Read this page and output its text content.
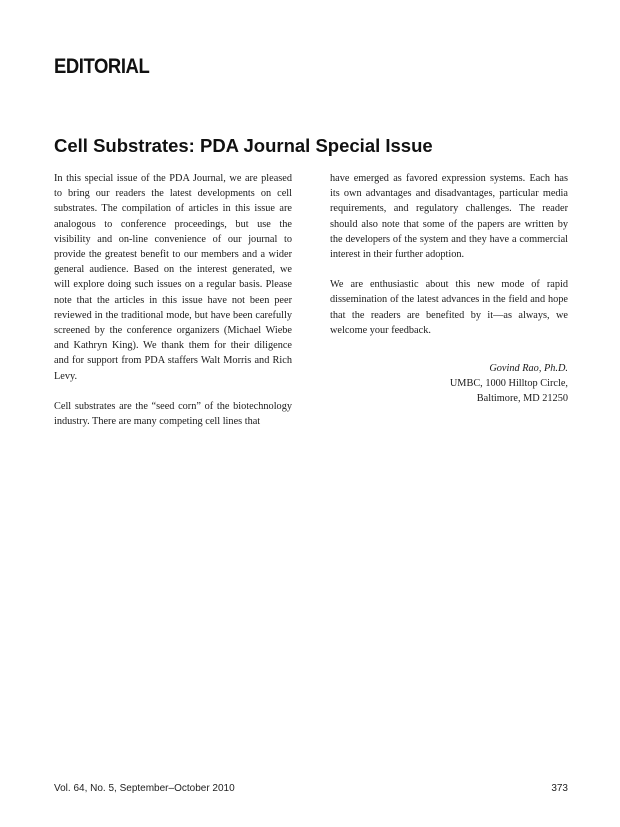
EDITORIAL
Cell Substrates: PDA Journal Special Issue

In this special issue of the PDA Journal, we are pleased to bring our readers the latest developments on cell substrates. The compilation of articles in this issue are analogous to conference proceedings, but use the visibility and on-line convenience of our journal to provide the greatest benefit to our members and a wider general audience. Based on the interest generated, we will explore doing such issues on a regular basis. Please note that the articles in this issue have not been peer reviewed in the traditional mode, but have been carefully screened by the conference organizers (Michael Wiebe and Kathryn King). We thank them for their diligence and for support from PDA staffers Walt Morris and Rich Levy.

Cell substrates are the “seed corn” of the biotechnology industry. There are many competing cell lines that

have emerged as favored expression systems. Each has its own advantages and disadvantages, particular media requirements, and regulatory challenges. The reader should also note that some of the papers are written by the developers of the system and they have a commercial interest in their further adoption.

We are enthusiastic about this new mode of rapid dissemination of the latest advances in the field and hope that the readers are benefited by it—as always, we welcome your feedback.

Govind Rao, Ph.D.
UMBC, 1000 Hilltop Circle,
Baltimore, MD 21250
Vol. 64, No. 5, September–October 2010	373
